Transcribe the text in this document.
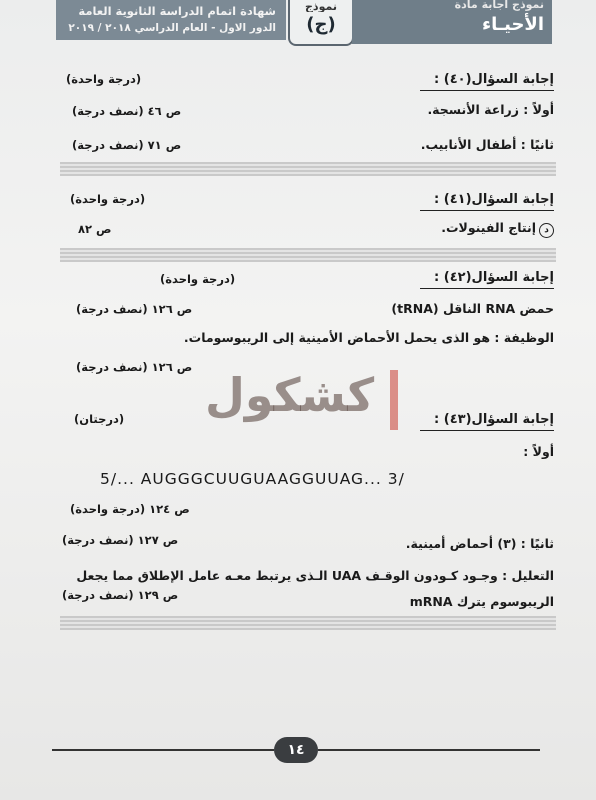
شهادة اتمام الدراسة الثانوية العامة
الدور الاول - العام الدراسي ٢٠١٨ / ٢٠١٩
نموذج
(ج)
نموذج اجابة مادة
الأحيـاء
إجابة السؤال(٤٠) :
(درجة واحدة)
أولاً : زراعة الأنسجة.
ص ٤٦ (نصف درجة)
ثانيًا : أطفال الأنابيب.
ص ٧١ (نصف درجة)
إجابة السؤال(٤١) :
(درجة واحدة)
دإنتاج الفينولات.
ص ٨٢
إجابة السؤال(٤٢) :
(درجة واحدة)
حمض RNA الناقل (tRNA)
ص ١٢٦ (نصف درجة)
الوظيفة : هو الذى يحمل الأحماض الأمينية إلى الريبوسومات.
ص ١٢٦ (نصف درجة)
كشكول	إجابة السؤال(٤٣) :
(درجتان)
أولاً :
5/... AUGGGCUUGUAAGGUUAG... 3/
ص ١٢٤ (درجة واحدة)
ثانيًا : (٣) أحماض أمينية.
ص ١٢٧ (نصف درجة)
التعليل : وجـود كـودون الوقـف UAA الـذى يرتبط معـه عامل الإطلاق مما يجعل
الريبوسوم يترك mRNA
ص ١٢٩ (نصف درجة)
١٤
